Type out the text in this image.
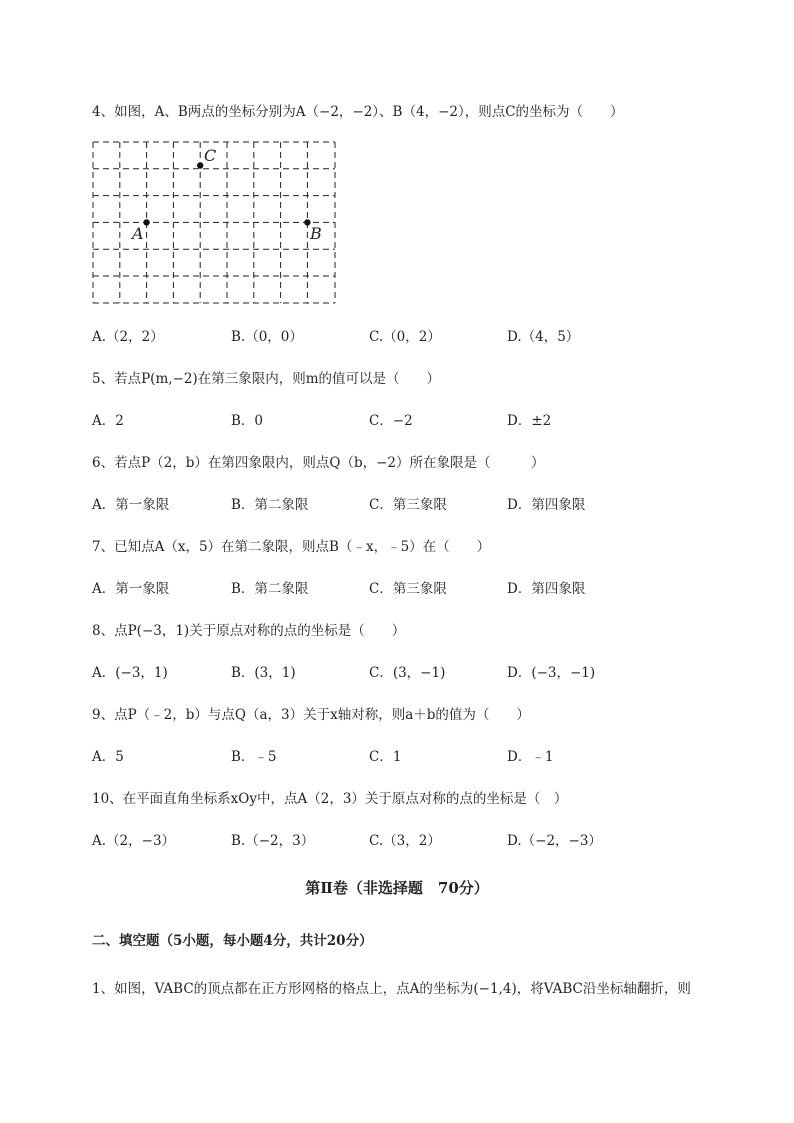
4、如图，A、B两点的坐标分别为A（−2，−2）、B（4，−2），则点C的坐标为（　　）
C
A	B
A.（2，2）	B.（0，0）	C.（0，2）	D.（4，5）
5、若点P(m,−2)在第三象限内，则m的值可以是（　　）
A．2	B．0	C．−2	D．±2
6、若点P（2，b）在第四象限内，则点Q（b，−2）所在象限是（　　　）
A．第一象限	B．第二象限	C．第三象限	D．第四象限
7、已知点A（x，5）在第二象限，则点B（﹣x，﹣5）在（　　）
A．第一象限	B．第二象限	C．第三象限	D．第四象限
8、点P(−3，1)关于原点对称的点的坐标是（　　）
A．(−3，1)	B．(3，1)	C．(3，−1)	D．(−3，−1)
9、点P（﹣2，b）与点Q（a，3）关于x轴对称，则a＋b的值为（　　）
A．5	B．﹣5	C．1	D．﹣1
10、在平面直角坐标系xOy中，点A（2，3）关于原点对称的点的坐标是（　）
A.（2，−3）	B.（−2，3）	C.（3，2）	D.（−2，−3）
第Ⅱ卷（非选择题　70分）
二、填空题（5小题，每小题4分，共计20分）
1、如图，VABC的顶点都在正方形网格的格点上，点A的坐标为(−1,4)，将VABC沿坐标轴翻折，则
